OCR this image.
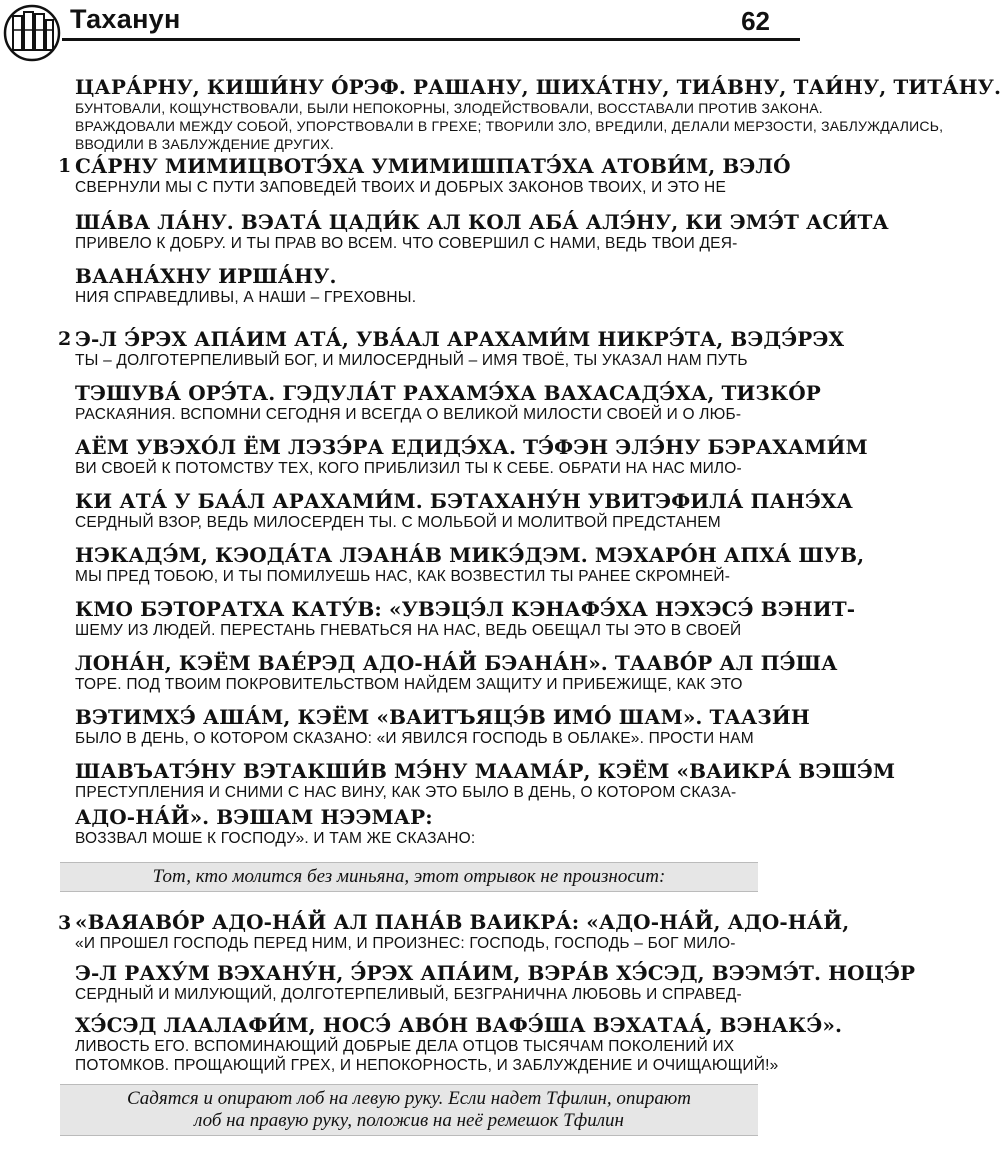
Таханун	62
ЦАРА́РНУ, КИШИ́НУ О́РЭФ. РАШАНУ, ШИХА́ТНУ, ТИА́ВНУ, ТАИ́НУ, ТИТА́НУ.
БУНТОВАЛИ, КОЩУНСТВОВАЛИ, БЫЛИ НЕПОКОРНЫ, ЗЛОДЕЙСТВОВАЛИ, ВОССТАВАЛИ ПРОТИВ ЗАКОНА.
ВРАЖДОВАЛИ МЕЖДУ СОБОЙ, УПОРСТВОВАЛИ В ГРЕХЕ; ТВОРИЛИ ЗЛО, ВРЕДИЛИ, ДЕЛАЛИ МЕРЗОСТИ, ЗАБЛУЖДАЛИСЬ,
ВВОДИЛИ В ЗАБЛУЖДЕНИЕ ДРУГИХ.
1 СА́РНУ МИМИЦВОТЭ́ХА УМИМИШПАТЭ́ХА АТОВИ́М, ВЭЛО́
СВЕРНУЛИ МЫ С ПУТИ ЗАПОВЕДЕЙ ТВОИХ И ДОБРЫХ ЗАКОНОВ ТВОИХ, И ЭТО НЕ
ША́ВА ЛА́НУ. ВЭАТА́ ЦАДИ́К АЛ КОЛ АБА́ АЛЭ́НУ, КИ ЭМЭ́Т АСИ́ТА
ПРИВЕЛО К ДОБРУ. И ТЫ ПРАВ ВО ВСЕМ. ЧТО СОВЕРШИЛ С НАМИ, ВЕДЬ ТВОИ ДЕЯ-
ВААНА́ХНУ ИРША́НУ.
НИЯ СПРАВЕДЛИВЫ, А НАШИ – ГРЕХОВНЫ.
2 Э-Л Э́РЭХ АПА́ИМ АТА́, УВА́АЛ АРАХАМИ́М НИКРЭ́ТА, ВЭДЭ́РЭХ
ТЫ – ДОЛГОТЕРПЕЛИВЫЙ БОГ, И МИЛОСЕРДНЫЙ – ИМЯ ТВОЁ, ТЫ УКАЗАЛ НАМ ПУТЬ
ТЭШУВА́ ОРЭ́ТА. ГЭДУЛА́Т РАХАМЭ́ХА ВАХАСАДЭ́ХА, ТИЗКО́Р
РАСКАЯНИЯ. ВСПОМНИ СЕГОДНЯ И ВСЕГДА О ВЕЛИКОЙ МИЛОСТИ СВОЕЙ И О ЛЮБ-
АЁМ УВЭХО́Л ЁМ ЛЭЗЭ́РА ЕДИДЭ́ХА. ТЭ́ФЭН ЭЛЭ́НУ БЭРАХАМИ́М
ВИ СВОЕЙ К ПОТОМСТВУ ТЕХ, КОГО ПРИБЛИЗИЛ ТЫ К СЕБЕ. ОБРАТИ НА НАС МИЛО-
КИ АТА́ У БАА́Л АРАХАМИ́М. БЭТАХАНУ́Н УВИТЭФИЛА́ ПАНЭ́ХА
СЕРДНЫЙ ВЗОР, ВЕДЬ МИЛОСЕРДЕН ТЫ. С МОЛЬБОЙ И МОЛИТВОЙ ПРЕДСТАНЕМ
НЭКАДЭ́М, КЭОДА́ТА ЛЭАНА́В МИКЭ́ДЭМ. МЭХАРО́Н АПХА́ ШУВ,
МЫ ПРЕД ТОБОЮ, И ТЫ ПОМИЛУЕШЬ НАС, КАК ВОЗВЕСТИЛ ТЫ РАНЕЕ СКРОМНЕЙ-
КМО БЭТОРАТХА КАТУ́В: «УВЭЦЭ́Л КЭНАФЭ́ХА НЭХЭСЭ́ ВЭНИТ-
ШЕМУ ИЗ ЛЮДЕЙ. ПЕРЕСТАНЬ ГНЕВАТЬСЯ НА НАС, ВЕДЬ ОБЕЩАЛ ТЫ ЭТО В СВОЕЙ
ЛОНА́Н, КЭЁМ ВАЕ́РЭД АДО-НА́Й БЭАНА́Н». ТААВО́Р АЛ ПЭ́ША
ТОРЕ. ПОД ТВОИМ ПОКРОВИТЕЛЬСТВОМ НАЙДЕМ ЗАЩИТУ И ПРИБЕЖИЩЕ, КАК ЭТО
ВЭТИМХЭ́ АША́М, КЭЁМ «ВАИТЪЯЦЭ́В ИМО́ ШАМ». ТААЗИ́Н
БЫЛО В ДЕНЬ, О КОТОРОМ СКАЗАНО: «И ЯВИЛСЯ ГОСПОДЬ В ОБЛАКЕ». ПРОСТИ НАМ
ШАВЪАТЭ́НУ ВЭТАКШИ́В МЭ́НУ МААМА́Р, КЭЁМ «ВАИКРА́ ВЭШЭ́М
ПРЕСТУПЛЕНИЯ И СНИМИ С НАС ВИНУ, КАК ЭТО БЫЛО В ДЕНЬ, О КОТОРОМ СКАЗА-
АДО-НА́Й». ВЭШАМ НЭЭМАР:
ВОЗЗВАЛ МОШЕ К ГОСПОДУ». И ТАМ ЖЕ СКАЗАНО:
Тот, кто молится без миньяна, этот отрывок не произносит:
3 «ВАЯАВО́Р АДО-НА́Й АЛ ПАНА́В ВАИКРА́: «АДО-НА́Й, АДО-НА́Й,
«И ПРОШЕЛ ГОСПОДЬ ПЕРЕД НИМ, И ПРОИЗНЕС: ГОСПОДЬ, ГОСПОДЬ – БОГ МИЛО-
Э-Л РАХУ́М ВЭХАНУ́Н, Э́РЭХ АПА́ИМ, ВЭРА́В ХЭ́СЭД, ВЭЭМЭ́Т. НОЦЭ́Р
СЕРДНЫЙ И МИЛУЮЩИЙ, ДОЛГОТЕРПЕЛИВЫЙ, БЕЗГРАНИЧНА ЛЮБОВЬ И СПРАВЕД-
ХЭ́СЭД ЛААЛАФИ́М, НОСЭ́ АВО́Н ВАФЭ́ША ВЭХАТАА́, ВЭНАКЭ́».
ЛИВОСТЬ ЕГО. ВСПОМИНАЮЩИЙ ДОБРЫЕ ДЕЛА ОТЦОВ ТЫСЯЧАМ ПОКОЛЕНИЙ ИХ
ПОТОМКОВ. ПРОЩАЮЩИЙ ГРЕХ, И НЕПОКОРНОСТЬ, И ЗАБЛУЖДЕНИЕ И ОЧИЩАЮЩИЙ!»
Садятся и опирают лоб на левую руку. Если надет Тфилин, опирают
лоб на правую руку, положив на неё ремешок Тфилин
